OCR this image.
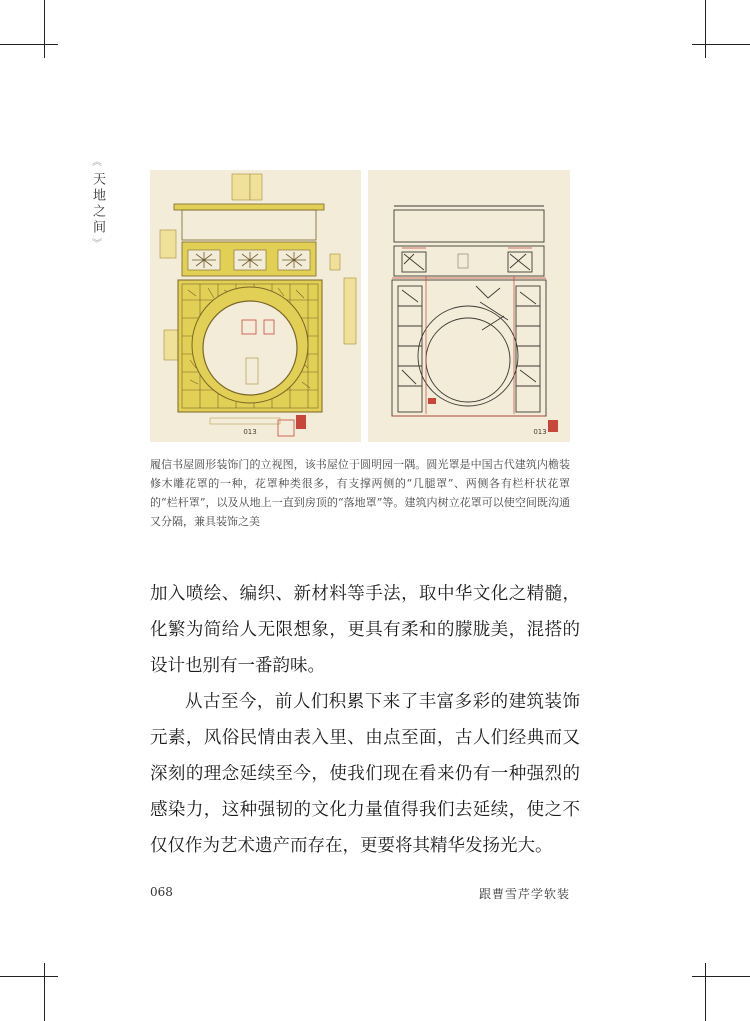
︽
天地之间
︾
013	013

履信书屋圆形装饰门的立视图，该书屋位于圆明园一隅。圆光罩是中国古代建筑内檐装修木雕花罩的一种，花罩种类很多，有支撑两侧的“几腿罩”、两侧各有栏杆状花罩的“栏杆罩”，以及从地上一直到房顶的“落地罩”等。建筑内树立花罩可以使空间既沟通又分隔，兼具装饰之美

加入喷绘、编织、新材料等手法，取中华文化之精髓，化繁为简给人无限想象，更具有柔和的朦胧美，混搭的设计也别有一番韵味。

从古至今，前人们积累下来了丰富多彩的建筑装饰元素，风俗民情由表入里、由点至面，古人们经典而又深刻的理念延续至今，使我们现在看来仍有一种强烈的感染力，这种强韧的文化力量值得我们去延续，使之不仅仅作为艺术遗产而存在，更要将其精华发扬光大。

068	跟曹雪芹学软装
